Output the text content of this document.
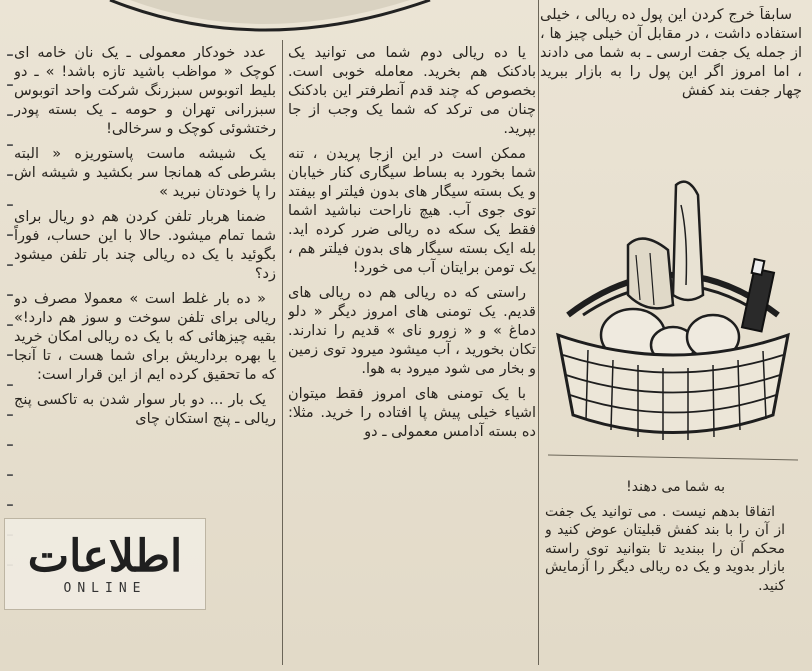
سابقاً خرج کردن این پول ده ریالی ، خیلی استفاده داشت ، در مقابل آن خیلی چیز ها ، از جمله یک جفت ارسی ـ به شما می دادند ، اما امروز اگر این پول را به بازار ببرید چهار جفت بند کفش

به شما می دهند!

اتفاقا بدهم نیست . می توانید یک جفت از آن را با بند کفش قبلیتان عوض کنید و محکم آن را ببندید تا بتوانید توی راسته بازار بدوید و یک ده ریالی دیگر را آزمایش کنید.

یا ده ریالی دوم شما می توانید یک بادکنک هم بخرید. معامله خوبی است. بخصوص که چند قدم آنطرفتر این بادکنک چنان می ترکد که شما یک وجب از جا بپرید.

ممکن است در این ازجا پریدن ، تنه شما بخورد به بساط سیگاری کنار خیابان و یک بسته سیگار های بدون فیلتر او بیفتد توی جوی آب. هیچ ناراحت نباشید اشما فقط یک سکه ده ریالی ضرر کرده اید. بله ایک بسته سیگار های بدون فیلتر هم ، یک تومن برایتان آب می خورد!

راستی که ده ریالی هم ده ریالی های قدیم. یک تومنی های امروز دیگر « دلو دماغ » و « زورو نای » قدیم را ندارند. تکان بخورید ، آب میشود میرود توی زمین و بخار می شود میرود به هوا.

با یک تومنی های امروز فقط میتوان اشیاء خیلی پیش پا افتاده را خرید. مثلا: ده بسته آدامس معمولی ـ دو

عدد خودکار معمولی ـ یک نان خامه ای کوچک « مواظب باشید تازه باشد! » ـ دو بلیط اتوبوس سبزرنگ شرکت واحد اتوبوس سبزرانی تهران و حومه ـ یک بسته پودر رختشوئی کوچک و سرخالی!

یک شیشه ماست پاستوریزه « البته بشرطی که همانجا سر بکشید و شیشه اش را پا خودتان نبرید »

ضمنا هربار تلفن کردن هم دو ریال برای شما تمام میشود. حالا با این حساب، فوراً بگوئید با یک ده ریالی چند بار تلفن میشود زد؟

« ده بار غلط است » معمولا مصرف دو ریالی برای تلفن سوخت و سوز هم دارد!» بقیه چیزهائی که با یک ده ریالی امکان خرید یا بهره برداریش برای شما هست ، تا آنجا که ما تحقیق کرده ایم از این قرار است:

یک بار ... دو بار سوار شدن به تاکسی پنج ریالی ـ پنج استکان چای

-
-
-
-
-
-
-
-
-
-
-
-
-
-
-
-

اطلاعات
ONLINE
